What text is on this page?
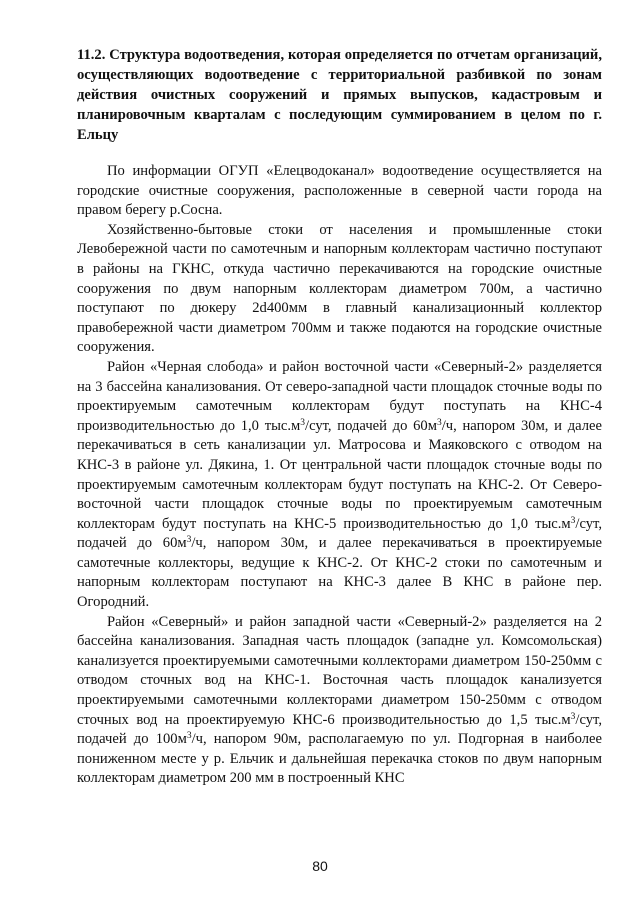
11.2. Структура водоотведения, которая определяется по отчетам организаций, осуществляющих водоотведение с территориальной разбивкой по зонам действия очистных сооружений и прямых выпусков, кадастровым и планировочным кварталам с последующим суммированием в целом по г. Ельцу

По информации ОГУП «Елецводоканал» водоотведение осуществляется на городские очистные сооружения, расположенные в северной части города на правом берегу р.Сосна.

Хозяйственно-бытовые стоки от населения и промышленные стоки Левобережной части по самотечным и напорным коллекторам частично поступают в районы на ГКНС, откуда частично перекачиваются на городские очистные сооружения по двум напорным коллекторам диаметром 700м, а частично поступают по дюкеру 2d400мм в главный канализационный коллектор правобережной части диаметром 700мм и также подаются на городские очистные сооружения.

Район «Черная слобода» и район восточной части «Северный-2» разделяется на 3 бассейна канализования. От северо-западной части площадок сточные воды по проектируемым самотечным коллекторам будут поступать на КНС-4 производительностью до 1,0 $тыс.м^3$/сут, подачей до $60м^3/ч$, напором 30м, и далее перекачиваться в сеть канализации ул. Матросова и Маяковского с отводом на КНС-3 в районе ул. Дякина, 1. От центральной части площадок сточные воды по проектируемым самотечным коллекторам будут поступать на КНС-2. От Северо-восточной части площадок сточные воды по проектируемым самотечным коллекторам будут поступать на КНС-5 производительностью до 1,0 $тыс.м^3$/сут, подачей до $60м^3/ч$, напором 30м, и далее перекачиваться в проектируемые самотечные коллекторы, ведущие к КНС-2. От КНС-2 стоки по самотечным и напорным коллекторам поступают на КНС-3 далее В КНС в районе пер. Огородний.

Район «Северный» и район западной части «Северный-2» разделяется на 2 бассейна канализования. Западная часть площадок (западне ул. Комсомольская) канализуется проектируемыми самотечными коллекторами диаметром 150-250мм с отводом сточных вод на КНС-1. Восточная часть площадок канализуется проектируемыми самотечными коллекторами диаметром 150-250мм с отводом сточных вод на проектируемую КНС-6 производительностью до 1,5 $тыс.м^3$/сут, подачей до $100м^3/ч$, напором 90м, располагаемую по ул. Подгорная в наиболее пониженном месте у р. Ельчик и дальнейшая перекачка стоков по двум напорным коллекторам диаметром 200 мм в построенный КНС

80
